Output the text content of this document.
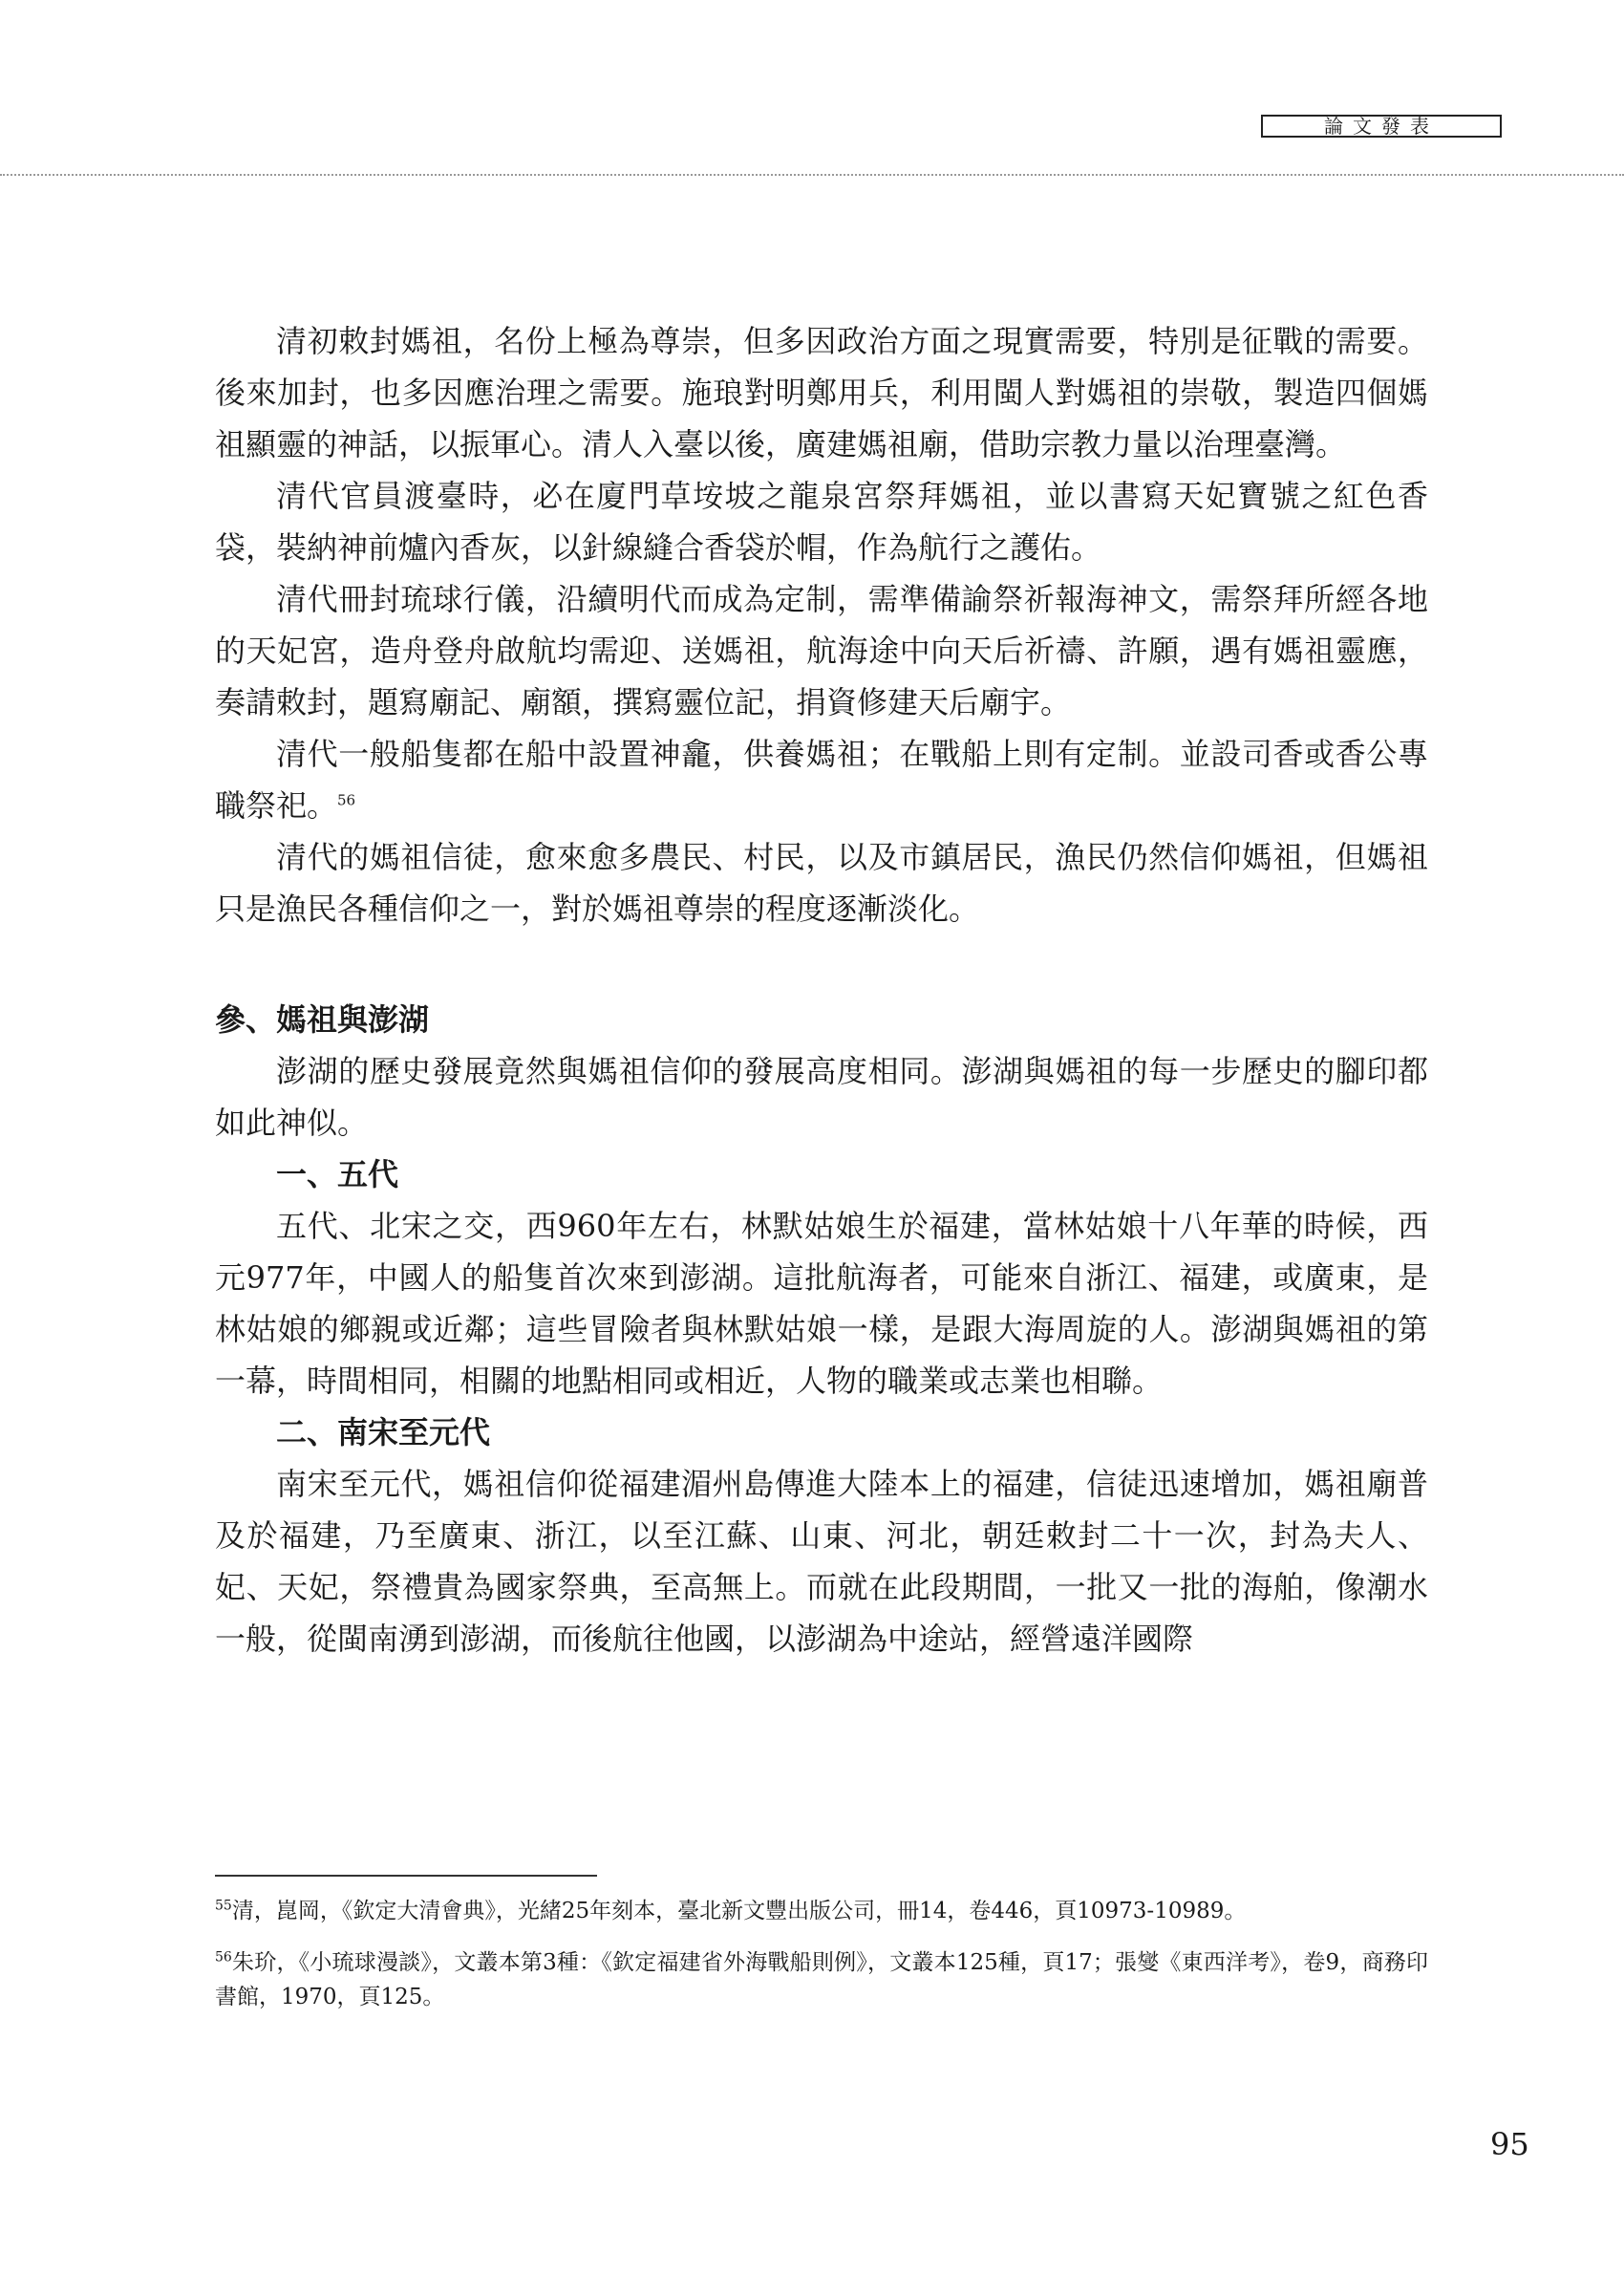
論文發表

清初敕封媽祖，名份上極為尊崇，但多因政治方面之現實需要，特別是征戰的需要。後來加封，也多因應治理之需要。施琅對明鄭用兵，利用閩人對媽祖的崇敬，製造四個媽祖顯靈的神話，以振軍心。清人入臺以後，廣建媽祖廟，借助宗教力量以治理臺灣。

清代官員渡臺時，必在廈門草垵坡之龍泉宮祭拜媽祖，並以書寫天妃寶號之紅色香袋，裝納神前爐內香灰，以針線縫合香袋於帽，作為航行之護佑。

清代冊封琉球行儀，沿續明代而成為定制，需準備諭祭祈報海神文，需祭拜所經各地的天妃宮，造舟登舟啟航均需迎、送媽祖，航海途中向天后祈禱、許願，遇有媽祖靈應，奏請敕封，題寫廟記、廟額，撰寫靈位記，捐資修建天后廟宇。

清代一般船隻都在船中設置神龕，供養媽祖；在戰船上則有定制。並設司香或香公專職祭祀。$^{56}$

清代的媽祖信徒，愈來愈多農民、村民，以及市鎮居民，漁民仍然信仰媽祖，但媽祖只是漁民各種信仰之一，對於媽祖尊崇的程度逐漸淡化。

參、媽祖與澎湖

澎湖的歷史發展竟然與媽祖信仰的發展高度相同。澎湖與媽祖的每一步歷史的腳印都如此神似。

一、五代

五代、北宋之交，西960年左右，林默姑娘生於福建，當林姑娘十八年華的時候，西元977年，中國人的船隻首次來到澎湖。這批航海者，可能來自浙江、福建，或廣東，是林姑娘的鄉親或近鄰；這些冒險者與林默姑娘一樣，是跟大海周旋的人。澎湖與媽祖的第一幕，時間相同，相關的地點相同或相近，人物的職業或志業也相聯。

二、南宋至元代

南宋至元代，媽祖信仰從福建湄州島傳進大陸本上的福建，信徒迅速增加，媽祖廟普及於福建，乃至廣東、浙江，以至江蘇、山東、河北，朝廷敕封二十一次，封為夫人、妃、天妃，祭禮貴為國家祭典，至高無上。而就在此段期間，一批又一批的海舶，像潮水一般，從閩南湧到澎湖，而後航往他國，以澎湖為中途站，經營遠洋國際

$^{55}$清，崑岡，《欽定大清會典》，光緒25年刻本，臺北新文豐出版公司，冊14，卷446，頁10973-10989。

$^{56}$朱玠，《小琉球漫談》，文叢本第3種：《欽定福建省外海戰船則例》，文叢本125種，頁17；張燮《東西洋考》，卷9，商務印書館，1970，頁125。

95
